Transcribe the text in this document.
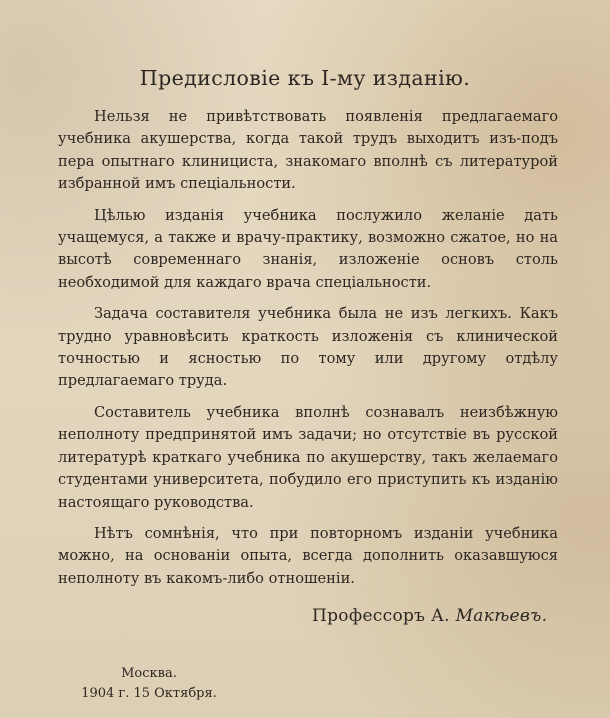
Предисловіе къ I-му изданію.

Нельзя не привѣтствовать появленія предлагаемаго учебника акушерства, когда такой трудъ выходитъ изъ-подъ пера опытнаго клинициста, знакомаго вполнѣ съ литературой избранной имъ спеціальности.

Цѣлью изданія учебника послужило желаніе дать учащемуся, а также и врачу-практику, возможно сжатое, но на высотѣ современнаго знанія, изложеніе основъ столь необходимой для каждаго врача спеціальности.

Задача составителя учебника была не изъ легкихъ. Какъ трудно уравновѣсить краткость изложенія съ клинической точностью и ясностью по тому или другому отдѣлу предлагаемаго труда.

Составитель учебника вполнѣ сознавалъ неизбѣжную неполноту предпринятой имъ задачи; но отсутствіе въ русской литературѣ краткаго учебника по акушерству, такъ желаемаго студентами университета, побудило его приступить къ изданію настоящаго руководства.

Нѣтъ сомнѣнія, что при повторномъ изданіи учебника можно, на основаніи опыта, всегда дополнить оказавшуюся неполноту въ какомъ-либо отношеніи.

Профессоръ А. Макѣевъ.
Москва.
1904 г. 15 Октября.
